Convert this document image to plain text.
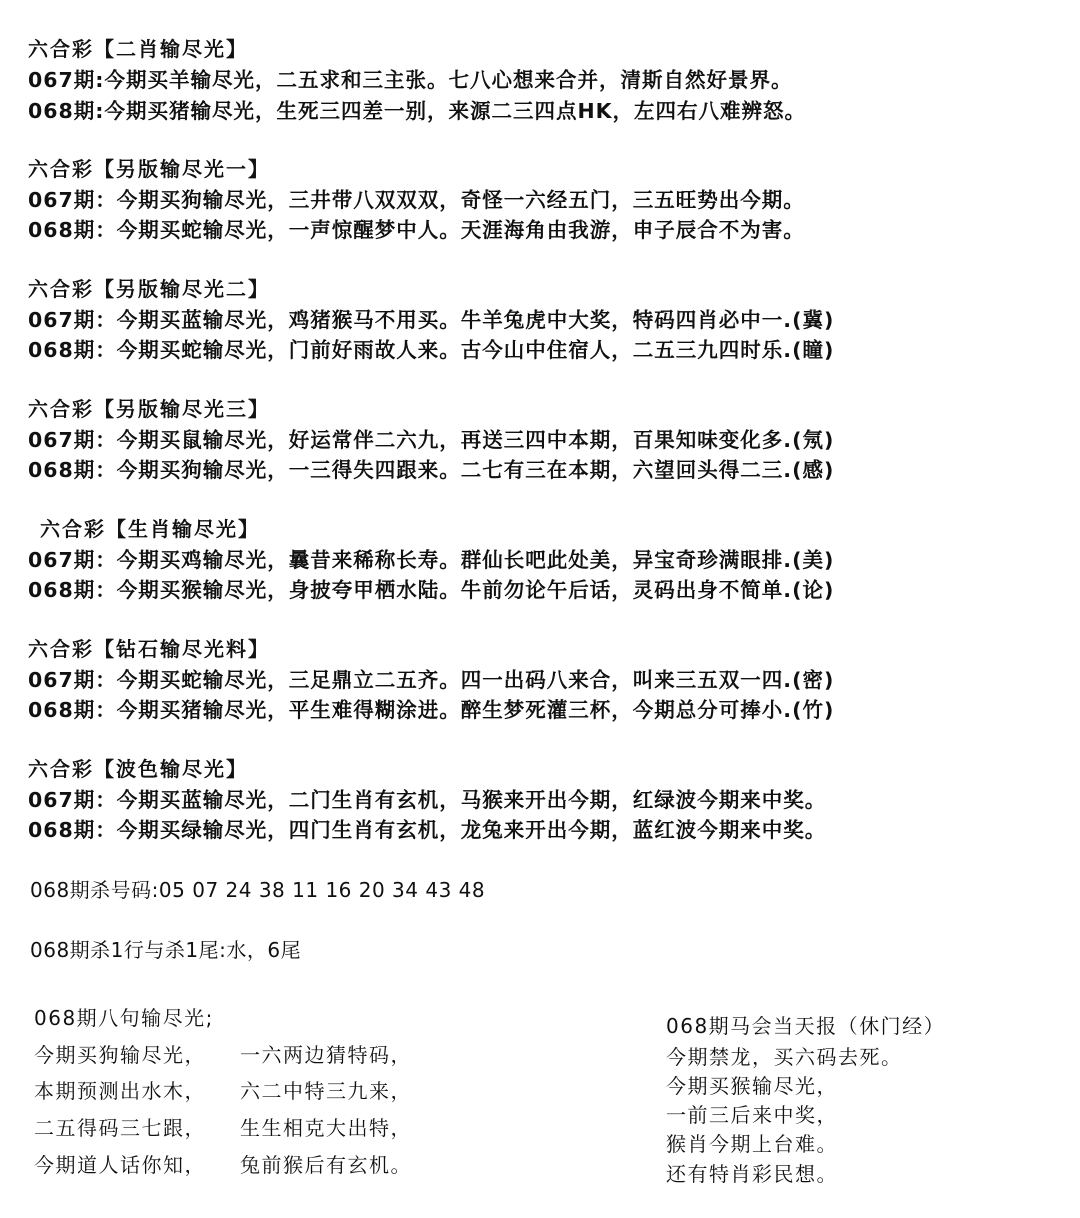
六合彩【二肖输尽光】
067期:今期买羊输尽光，二五求和三主张。七八心想来合并，清斯自然好景界。
068期:今期买猪输尽光，生死三四差一别，来源二三四点HK，左四右八难辨怒。
六合彩【另版输尽光一】
067期：今期买狗输尽光，三井带八双双双，奇怪一六经五门，三五旺势出今期。
068期：今期买蛇输尽光，一声惊醒梦中人。天涯海角由我游，申子辰合不为害。
六合彩【另版输尽光二】
067期：今期买蓝输尽光，鸡猪猴马不用买。牛羊兔虎中大奖，特码四肖必中一.(冀)
068期：今期买蛇输尽光，门前好雨故人来。古今山中住宿人，二五三九四时乐.(瞳)
六合彩【另版输尽光三】
067期：今期买鼠输尽光，好运常伴二六九，再送三四中本期，百果知味变化多.(氖)
068期：今期买狗输尽光，一三得失四跟来。二七有三在本期，六望回头得二三.(感)
六合彩【生肖输尽光】
067期：今期买鸡输尽光，曩昔来稀称长寿。群仙长吧此处美，异宝奇珍满眼排.(美)
068期：今期买猴输尽光，身披夸甲栖水陆。牛前勿论午后话，灵码出身不简单.(论)
六合彩【钻石输尽光料】
067期：今期买蛇输尽光，三足鼎立二五齐。四一出码八来合，叫来三五双一四.(密)
068期：今期买猪输尽光，平生难得糊涂进。醉生梦死灌三杯，今期总分可捧小.(竹)
六合彩【波色输尽光】
067期：今期买蓝输尽光，二门生肖有玄机，马猴来开出今期，红绿波今期来中奖。
068期：今期买绿输尽光，四门生肖有玄机，龙兔来开出今期，蓝红波今期来中奖。
068期杀号码:05 07 24 38 11 16 20 34 43 48
068期杀1行与杀1尾:水，6尾
068期八句输尽光;
今期买狗输尽光， 一六两边猜特码，
本期预测出水木， 六二中特三九来，
二五得码三七跟， 生生相克大出特，
今期道人话你知， 兔前猴后有玄机。
068期马会当天报（休门经）
今期禁龙，买六码去死。
今期买猴输尽光，
一前三后来中奖，
猴肖今期上台难。
还有特肖彩民想。
